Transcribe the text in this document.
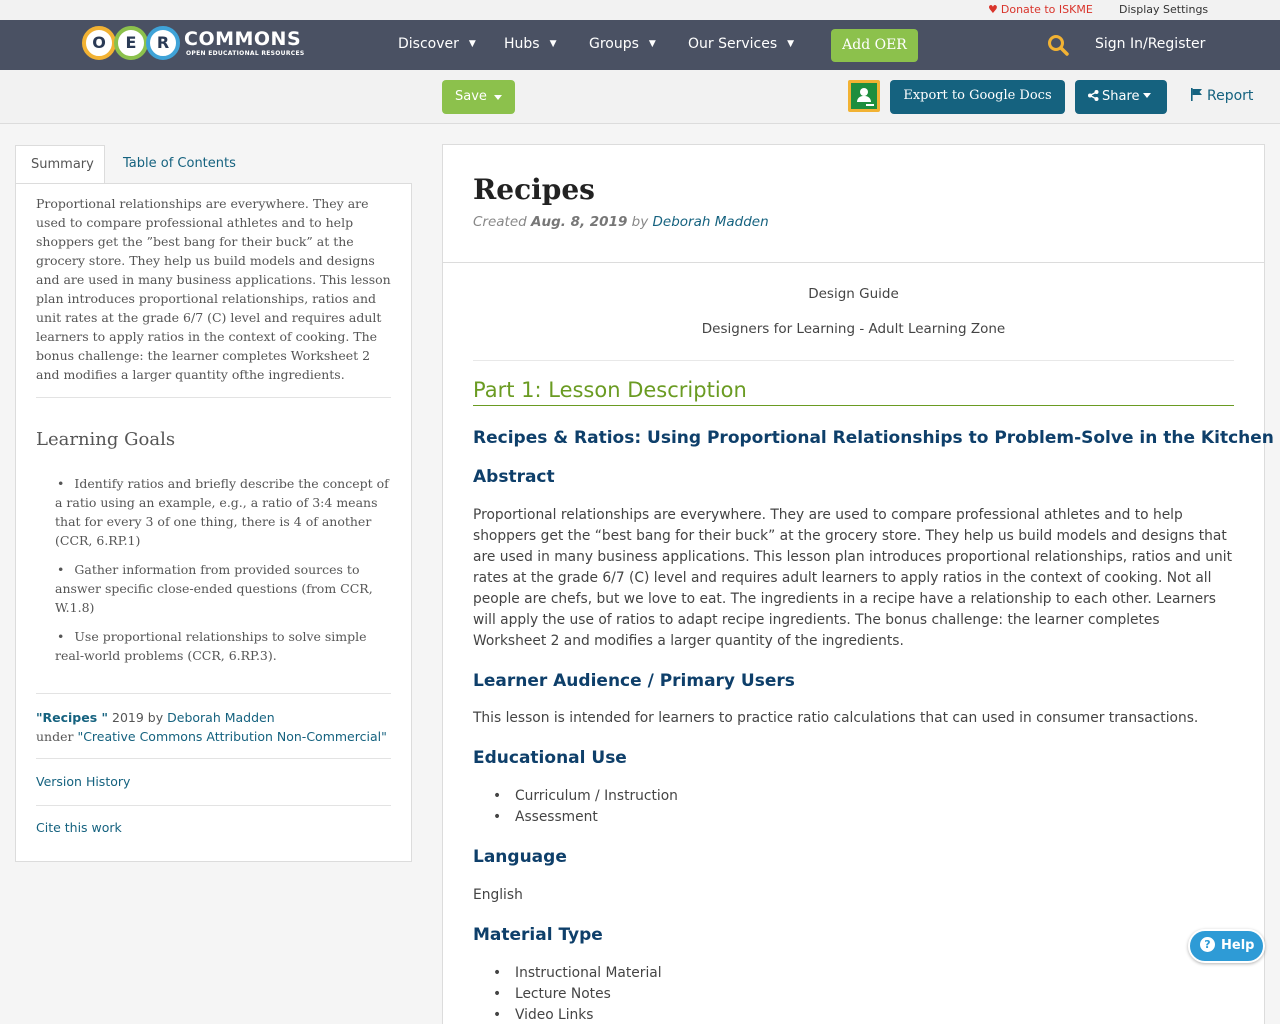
♥ Donate to ISKME Display Settings
O	E	R COMMONS
OPEN EDUCATIONAL RESOURCES
Discover ▼ Hubs ▼ Groups ▼ Our Services ▼	Add OER	Sign In/Register
Save	Export to Google Docs	Share	Report
Summary	Table of Contents

Proportional relationships are everywhere. They are used to compare professional athletes and to help shoppers get the ”best bang for their buck” at the grocery store. They help us build models and designs and are used in many business applications. This lesson plan introduces proportional relationships, ratios and unit rates at the grade 6/7 (C) level and requires adult learners to apply ratios in the context of cooking. The bonus challenge: the learner completes Worksheet 2 and modifies a larger quantity ofthe ingredients.

Learning Goals
• Identify ratios and briefly describe the concept of a ratio using an example, e.g., a ratio of 3:4 means that for every 3 of one thing, there is 4 of another (CCR, 6.RP.1)
• Gather information from provided sources to answer specific close-ended questions (from CCR, W.1.8)
• Use proportional relationships to solve simple real-world problems (CCR, 6.RP.3).
"Recipes " 2019 by Deborah Madden
under "Creative Commons Attribution Non-Commercial"
Version History
Cite this work
Recipes
Created Aug. 8, 2019 by Deborah Madden
Design Guide
Designers for Learning - Adult Learning Zone
Part 1: Lesson Description
Recipes & Ratios: Using Proportional Relationships to Problem-Solve in the Kitchen
Abstract

Proportional relationships are everywhere. They are used to compare professional athletes and to help shoppers get the “best bang for their buck” at the grocery store. They help us build models and designs that are used in many business applications. This lesson plan introduces proportional relationships, ratios and unit rates at the grade 6/7 (C) level and requires adult learners to apply ratios in the context of cooking. Not all people are chefs, but we love to eat. The ingredients in a recipe have a relationship to each other. Learners will apply the use of ratios to adapt recipe ingredients. The bonus challenge: the learner completes Worksheet 2 and modifies a larger quantity of the ingredients.

Learner Audience / Primary Users

This lesson is intended for learners to practice ratio calculations that can used in consumer transactions.

Educational Use
• Curriculum / Instruction
• Assessment
Language

English

Material Type
• Instructional Material
• Lecture Notes
• Video Links
? Help
